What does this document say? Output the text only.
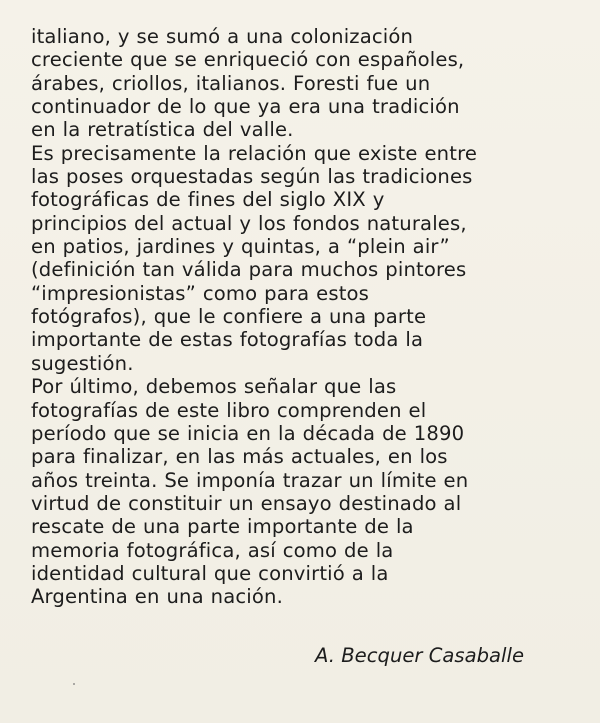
italiano, y se sumó a una colonización
creciente que se enriqueció con españoles,
árabes, criollos, italianos. Foresti fue un
continuador de lo que ya era una tradición
en la retratística del valle.
Es precisamente la relación que existe entre
las poses orquestadas según las tradiciones
fotográficas de fines del siglo XIX y
principios del actual y los fondos naturales,
en patios, jardines y quintas, a “plein air”
(definición tan válida para muchos pintores
“impresionistas” como para estos
fotógrafos), que le confiere a una parte
importante de estas fotografías toda la
sugestión.
Por último, debemos señalar que las
fotografías de este libro comprenden el
período que se inicia en la década de 1890
para finalizar, en las más actuales, en los
años treinta. Se imponía trazar un límite en
virtud de constituir un ensayo destinado al
rescate de una parte importante de la
memoria fotográfica, así como de la
identidad cultural que convirtió a la
Argentina en una nación.
A. Becquer Casaballe
